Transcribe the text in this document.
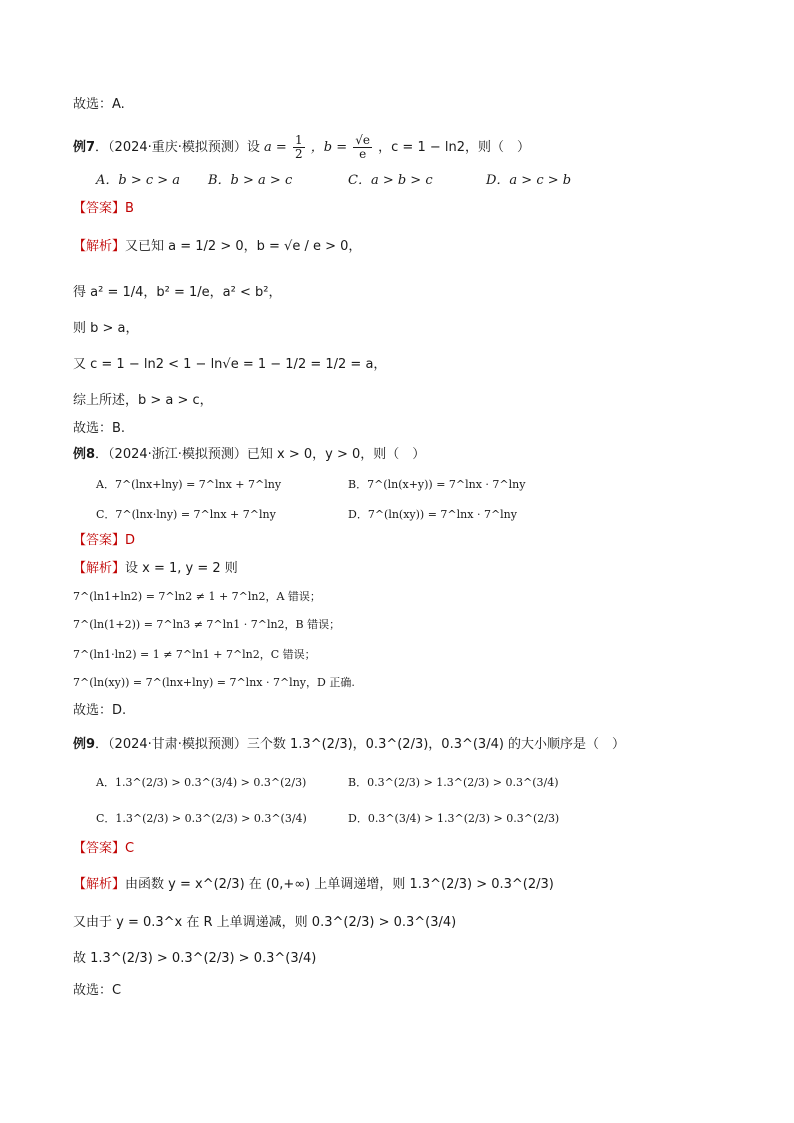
故选：A.
例7．（2024·重庆·模拟预测）设 $a = \frac{1}{2}$ ，$b = \frac{√e}{e}$ ，c = 1 − ln2，则（　）
A．b > c > a B．b > a > c	C．a > b > c	D．a > c > b
【答案】B
【解析】又已知 a = 1/2 > 0，b = √e / e > 0，
得 a² = 1/4，b² = 1/e，a² < b²，
则 b > a，
又 c = 1 − ln2 < 1 − ln√e = 1 − 1/2 = 1/2 = a，
综上所述，b > a > c，
故选：B.
例8．（2024·浙江·模拟预测）已知 x > 0，y > 0，则（　）
A．7^(lnx+lny) = 7^lnx + 7^lny	B．7^(ln(x+y)) = 7^lnx · 7^lny
C．7^(lnx·lny) = 7^lnx + 7^lny	D．7^(ln(xy)) = 7^lnx · 7^lny
【答案】D
【解析】设 x = 1, y = 2 则
7^(ln1+ln2) = 7^ln2 ≠ 1 + 7^ln2，A 错误；
7^(ln(1+2)) = 7^ln3 ≠ 7^ln1 · 7^ln2，B 错误；
7^(ln1·ln2) = 1 ≠ 7^ln1 + 7^ln2，C 错误；
7^(ln(xy)) = 7^(lnx+lny) = 7^lnx · 7^lny，D 正确.
故选：D.
例9．（2024·甘肃·模拟预测）三个数 1.3^(2/3)，0.3^(2/3)，0.3^(3/4) 的大小顺序是（　）
A．1.3^(2/3) > 0.3^(3/4) > 0.3^(2/3)	B．0.3^(2/3) > 1.3^(2/3) > 0.3^(3/4)
C．1.3^(2/3) > 0.3^(2/3) > 0.3^(3/4)	D．0.3^(3/4) > 1.3^(2/3) > 0.3^(2/3)
【答案】C
【解析】由函数 y = x^(2/3) 在 (0,+∞) 上单调递增，则 1.3^(2/3) > 0.3^(2/3)
又由于 y = 0.3^x 在 R 上单调递减，则 0.3^(2/3) > 0.3^(3/4)
故 1.3^(2/3) > 0.3^(2/3) > 0.3^(3/4)
故选：C
